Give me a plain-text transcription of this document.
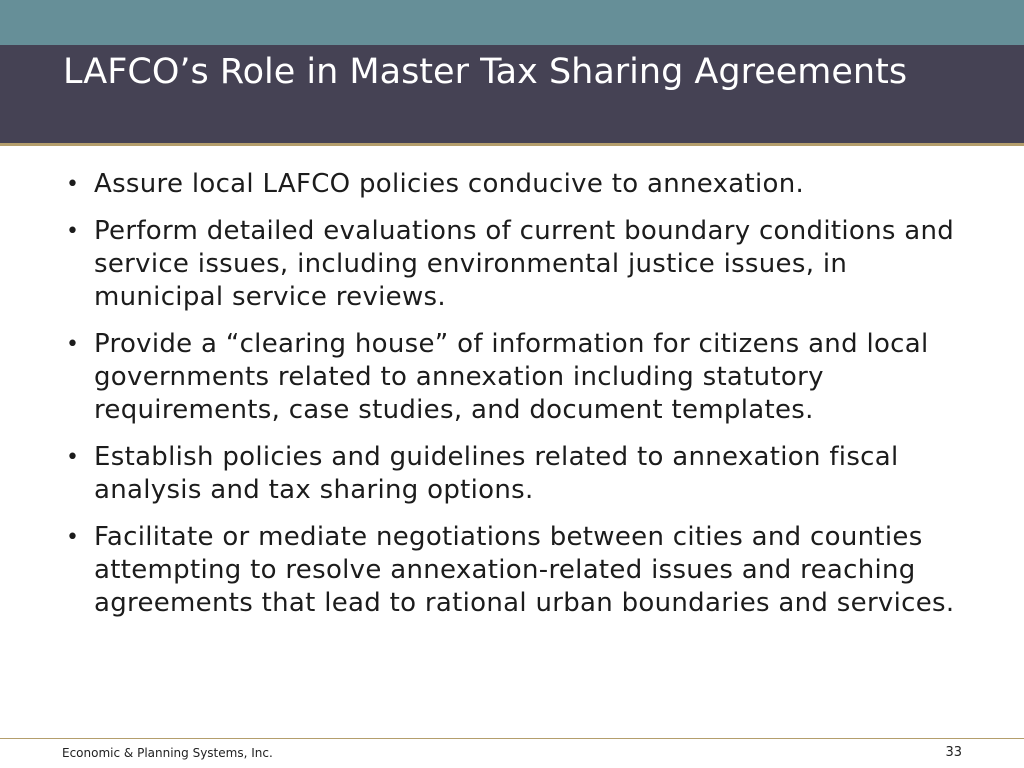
LAFCO’s Role in Master Tax Sharing Agreements
• Assure local LAFCO policies conducive to annexation.
• Perform detailed evaluations of current boundary conditions and service issues, including environmental justice issues, in municipal service reviews.
• Provide a “clearing house” of information for citizens and local governments related to annexation including statutory requirements, case studies, and document templates.
• Establish policies and guidelines related to annexation fiscal analysis and tax sharing options.
• Facilitate or mediate negotiations between cities and counties attempting to resolve annexation-related issues and reaching agreements that lead to rational urban boundaries and services.
Economic & Planning Systems, Inc.	33
